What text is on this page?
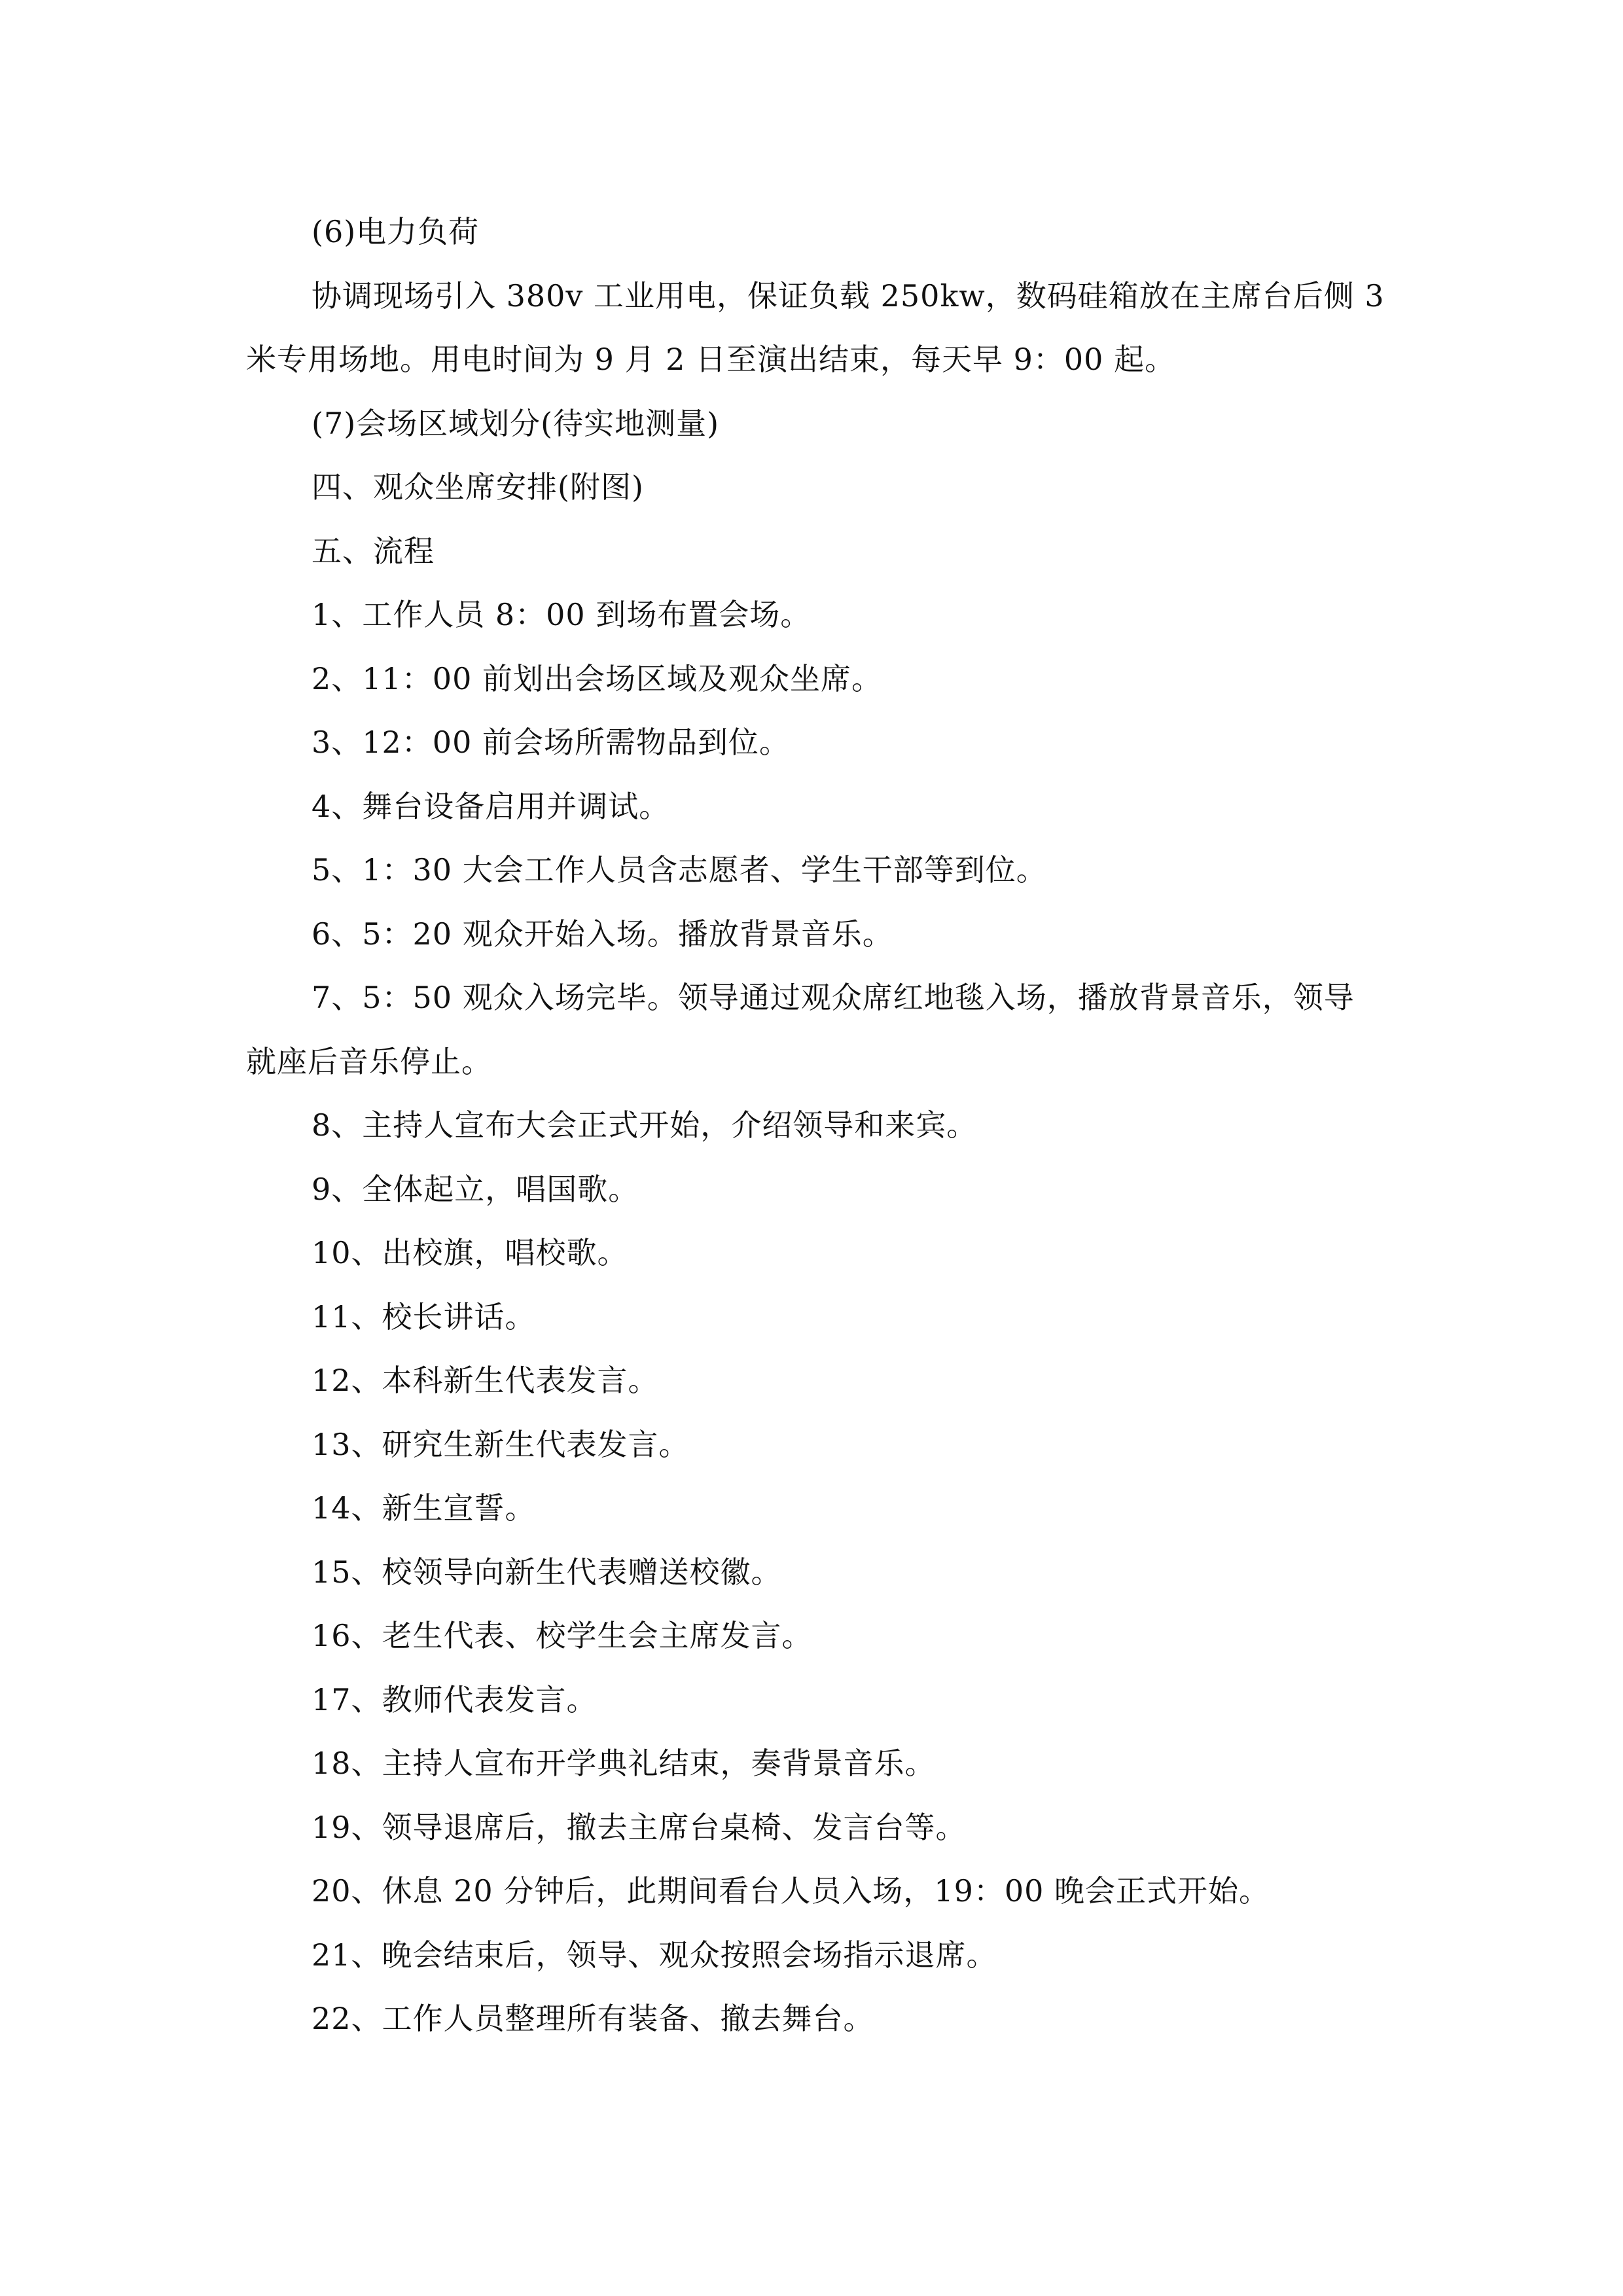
(6)电力负荷

协调现场引入 380v 工业用电，保证负载 250kw，数码硅箱放在主席台后侧 3 米专用场地。用电时间为 9 月 2 日至演出结束，每天早 9：00 起。

(7)会场区域划分(待实地测量)

四、观众坐席安排(附图)

五、流程

1、工作人员 8：00 到场布置会场。

2、11：00 前划出会场区域及观众坐席。

3、12：00 前会场所需物品到位。

4、舞台设备启用并调试。

5、1：30 大会工作人员含志愿者、学生干部等到位。

6、5：20 观众开始入场。播放背景音乐。

7、5：50 观众入场完毕。领导通过观众席红地毯入场，播放背景音乐，领导就座后音乐停止。

8、主持人宣布大会正式开始，介绍领导和来宾。

9、全体起立，唱国歌。

10、出校旗，唱校歌。

11、校长讲话。

12、本科新生代表发言。

13、研究生新生代表发言。

14、新生宣誓。

15、校领导向新生代表赠送校徽。

16、老生代表、校学生会主席发言。

17、教师代表发言。

18、主持人宣布开学典礼结束，奏背景音乐。

19、领导退席后，撤去主席台桌椅、发言台等。

20、休息 20 分钟后，此期间看台人员入场，19：00 晚会正式开始。

21、晚会结束后，领导、观众按照会场指示退席。

22、工作人员整理所有装备、撤去舞台。
